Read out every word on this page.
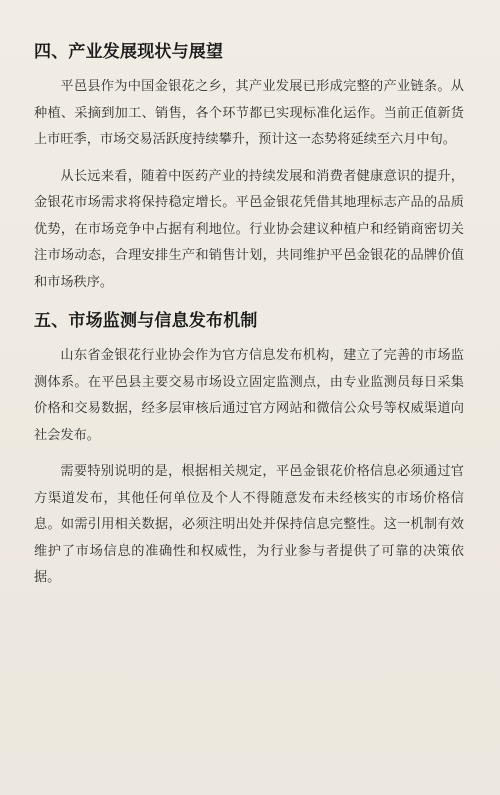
四、产业发展现状与展望

平邑县作为中国金银花之乡，其产业发展已形成完整的产业链条。从种植、采摘到加工、销售，各个环节都已实现标准化运作。当前正值新货上市旺季，市场交易活跃度持续攀升，预计这一态势将延续至六月中旬。

从长远来看，随着中医药产业的持续发展和消费者健康意识的提升，金银花市场需求将保持稳定增长。平邑金银花凭借其地理标志产品的品质优势，在市场竞争中占据有利地位。行业协会建议种植户和经销商密切关注市场动态，合理安排生产和销售计划，共同维护平邑金银花的品牌价值和市场秩序。

五、市场监测与信息发布机制

山东省金银花行业协会作为官方信息发布机构，建立了完善的市场监测体系。在平邑县主要交易市场设立固定监测点，由专业监测员每日采集价格和交易数据，经多层审核后通过官方网站和微信公众号等权威渠道向社会发布。

需要特别说明的是，根据相关规定，平邑金银花价格信息必须通过官方渠道发布，其他任何单位及个人不得随意发布未经核实的市场价格信息。如需引用相关数据，必须注明出处并保持信息完整性。这一机制有效维护了市场信息的准确性和权威性，为行业参与者提供了可靠的决策依据。
